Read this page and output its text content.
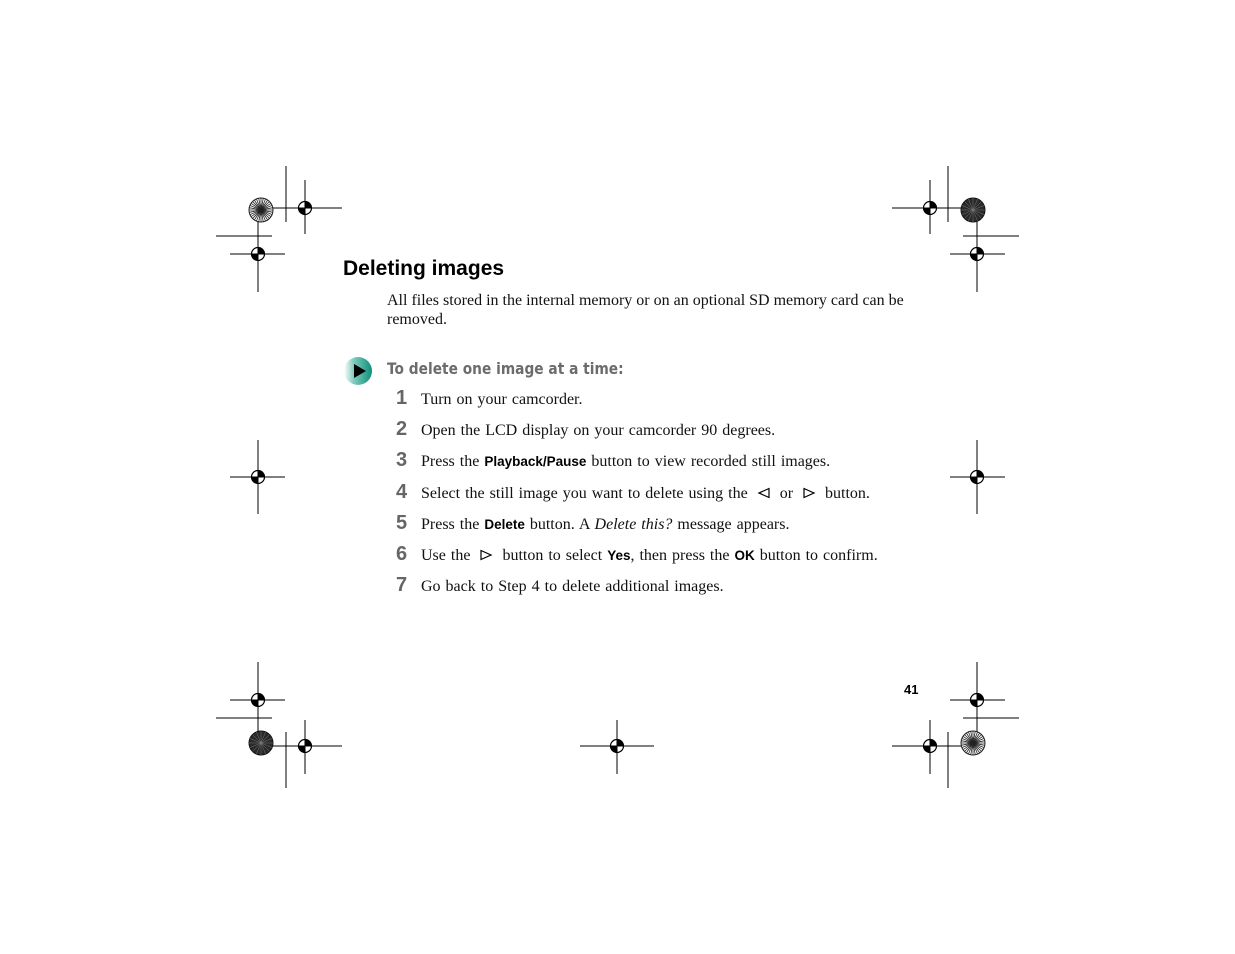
Deleting images

All files stored in the internal memory or on an optional SD memory card can be removed.

To delete one image at a time:
1 Turn on your camcorder.
2 Open the LCD display on your camcorder 90 degrees.
3 Press the Playback/Pause button to view recorded still images.
4 Select the still image you want to delete using the  or  button.
5 Press the Delete button. A Delete this? message appears.
6 Use the  button to select Yes, then press the OK button to confirm.
7 Go back to Step 4 to delete additional images.

41
